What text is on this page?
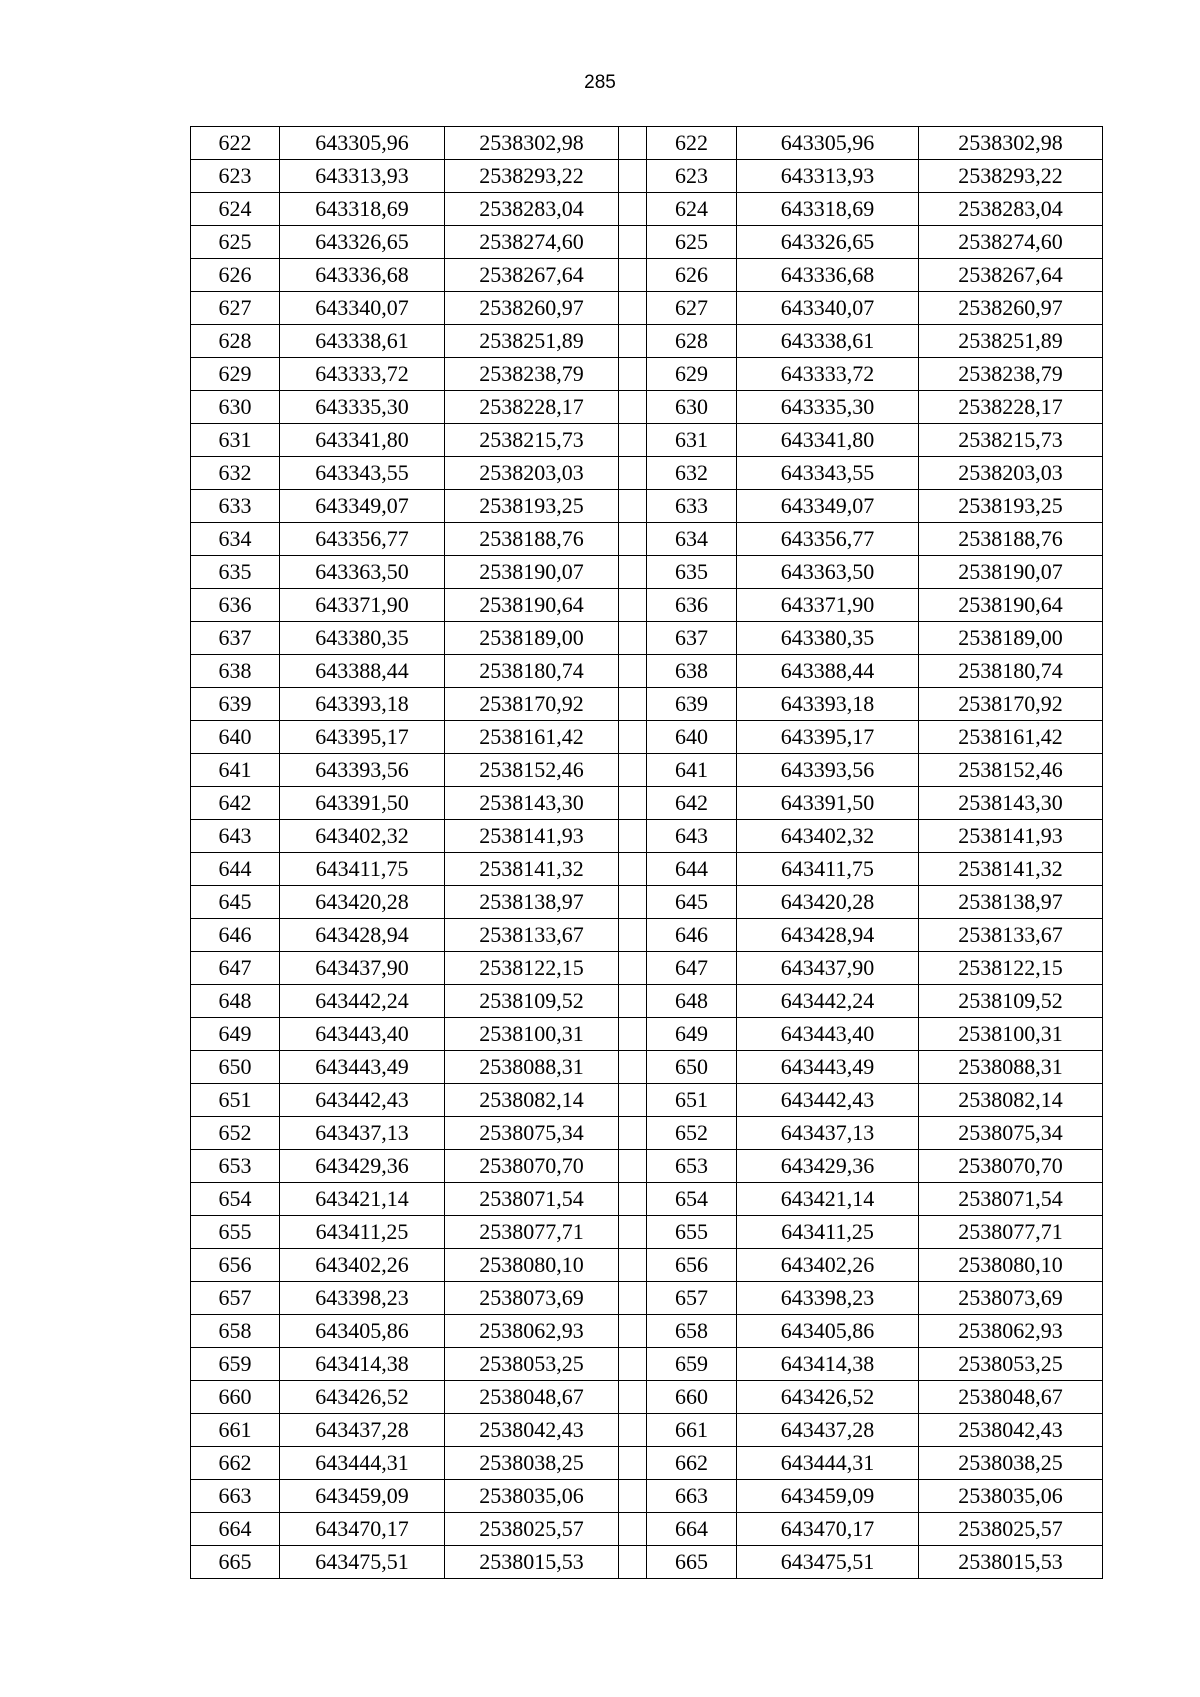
285
622	643305,96	2538302,98		622	643305,96	2538302,98
623	643313,93	2538293,22		623	643313,93	2538293,22
624	643318,69	2538283,04		624	643318,69	2538283,04
625	643326,65	2538274,60		625	643326,65	2538274,60
626	643336,68	2538267,64		626	643336,68	2538267,64
627	643340,07	2538260,97		627	643340,07	2538260,97
628	643338,61	2538251,89		628	643338,61	2538251,89
629	643333,72	2538238,79		629	643333,72	2538238,79
630	643335,30	2538228,17		630	643335,30	2538228,17
631	643341,80	2538215,73		631	643341,80	2538215,73
632	643343,55	2538203,03		632	643343,55	2538203,03
633	643349,07	2538193,25		633	643349,07	2538193,25
634	643356,77	2538188,76		634	643356,77	2538188,76
635	643363,50	2538190,07		635	643363,50	2538190,07
636	643371,90	2538190,64		636	643371,90	2538190,64
637	643380,35	2538189,00		637	643380,35	2538189,00
638	643388,44	2538180,74		638	643388,44	2538180,74
639	643393,18	2538170,92		639	643393,18	2538170,92
640	643395,17	2538161,42		640	643395,17	2538161,42
641	643393,56	2538152,46		641	643393,56	2538152,46
642	643391,50	2538143,30		642	643391,50	2538143,30
643	643402,32	2538141,93		643	643402,32	2538141,93
644	643411,75	2538141,32		644	643411,75	2538141,32
645	643420,28	2538138,97		645	643420,28	2538138,97
646	643428,94	2538133,67		646	643428,94	2538133,67
647	643437,90	2538122,15		647	643437,90	2538122,15
648	643442,24	2538109,52		648	643442,24	2538109,52
649	643443,40	2538100,31		649	643443,40	2538100,31
650	643443,49	2538088,31		650	643443,49	2538088,31
651	643442,43	2538082,14		651	643442,43	2538082,14
652	643437,13	2538075,34		652	643437,13	2538075,34
653	643429,36	2538070,70		653	643429,36	2538070,70
654	643421,14	2538071,54		654	643421,14	2538071,54
655	643411,25	2538077,71		655	643411,25	2538077,71
656	643402,26	2538080,10		656	643402,26	2538080,10
657	643398,23	2538073,69		657	643398,23	2538073,69
658	643405,86	2538062,93		658	643405,86	2538062,93
659	643414,38	2538053,25		659	643414,38	2538053,25
660	643426,52	2538048,67		660	643426,52	2538048,67
661	643437,28	2538042,43		661	643437,28	2538042,43
662	643444,31	2538038,25		662	643444,31	2538038,25
663	643459,09	2538035,06		663	643459,09	2538035,06
664	643470,17	2538025,57		664	643470,17	2538025,57
665	643475,51	2538015,53		665	643475,51	2538015,53
